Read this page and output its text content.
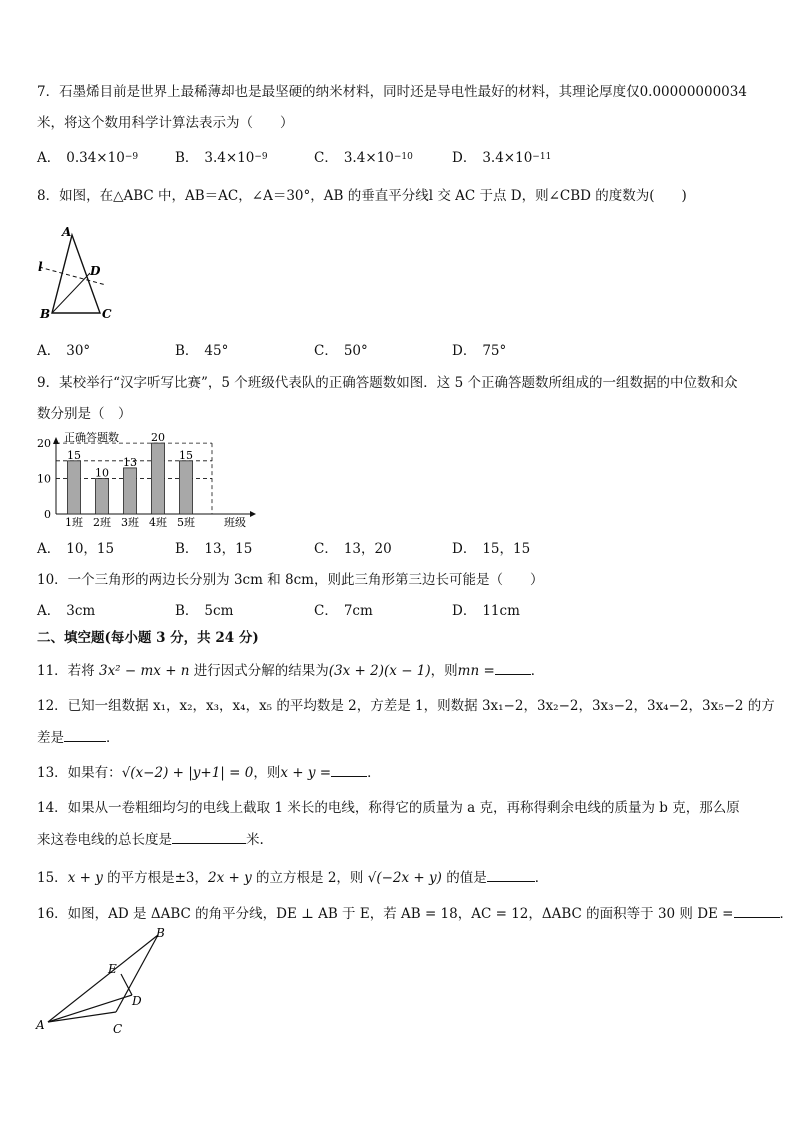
7．石墨烯目前是世界上最稀薄却也是最坚硬的纳米材料，同时还是导电性最好的材料，其理论厚度仅0.00000000034
米，将这个数用科学计算法表示为（　　）
A． $0.34\times 10^{-9}$	B． $3.4\times 10^{-9}$	C． $3.4\times 10^{-10}$	D． $3.4\times 10^{-11}$
8．如图，在△ABC 中，AB＝AC，∠A＝30°，AB 的垂直平分线l 交 AC 于点 D，则∠CBD 的度数为(　　)
A
l	D
B	C
A． 30°	B． 45°	C． 50°	D． 75°
9．某校举行“汉字听写比赛”，5 个班级代表队的正确答题数如图．这 5 个正确答题数所组成的一组数据的中位数和众
数分别是（　）
正确答题数
班级
0
10
20
15
1班
10
2班
13
3班
20
4班
15
5班
A． 10，15	B． 13，15	C． 13，20	D． 15，15
10．一个三角形的两边长分别为 3cm 和 8cm，则此三角形第三边长可能是（　　）
A． 3cm	B． 5cm	C． 7cm	D． 11cm
二、填空题(每小题 3 分，共 24 分)
11．若将 3x² − mx + n 进行因式分解的结果为(3x + 2)(x − 1)，则mn =	．
12．已知一组数据 x₁，x₂，x₃，x₄，x₅ 的平均数是 2，方差是 1，则数据 3x₁−2，3x₂−2，3x₃−2，3x₄−2，3x₅−2 的方
差是	．
13．如果有：√(x−2) + |y+1| = 0，则x + y =	．
14．如果从一卷粗细均匀的电线上截取 1 米长的电线，称得它的质量为 a 克，再称得剩余电线的质量为 b 克，那么原
来这卷电线的总长度是	米.
15．x + y 的平方根是±3，2x + y 的立方根是 2，则 √(−2x + y) 的值是	．
16．如图，AD 是 ΔABC 的角平分线，DE ⊥ AB 于 E，若 AB = 18，AC = 12，ΔABC 的面积等于 30 则 DE =	．
A
B
C
D
E
